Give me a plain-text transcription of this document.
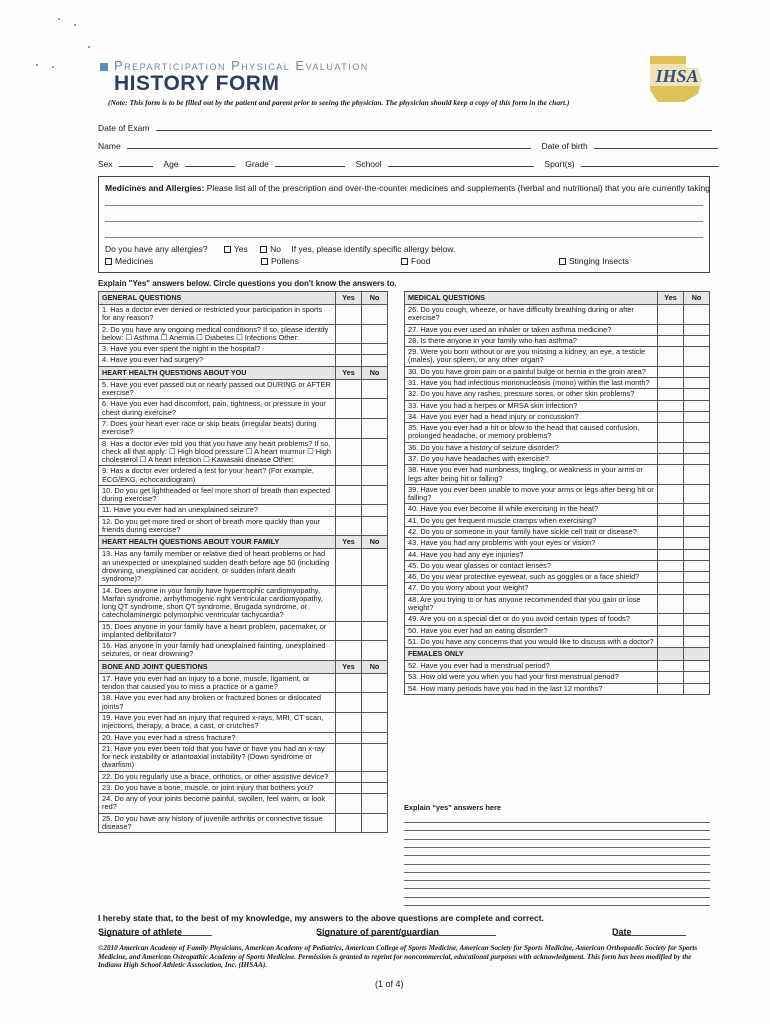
Preparticipation Physical Evaluation
HISTORY FORM
(Note: This form is to be filled out by the patient and parent prior to seeing the physician. The physician should keep a copy of this form in the chart.)
IHSA
Date of Exam
Name	Date of birth
Sex	Age	Grade	School	Sport(s)
Medicines and Allergies: Please list all of the prescription and over-the-counter medicines and supplements (herbal and nutritional) that you are currently taking
Do you have any allergies?	Yes	No If yes, please identify specific allergy below.
Medicines	Pollens	Food	Stinging Insects
Explain "Yes" answers below. Circle questions you don't know the answers to.
GENERAL QUESTIONS	Yes	No
1. Has a doctor ever denied or restricted your participation in sports for any reason?		
2. Do you have any ongoing medical conditions? If so, please identify below: ☐ Asthma ☐ Anemia ☐ Diabetes ☐ Infections Other:		
3. Have you ever spent the night in the hospital?		
4. Have you ever had surgery?		
HEART HEALTH QUESTIONS ABOUT YOU	Yes	No
5. Have you ever passed out or nearly passed out DURING or AFTER exercise?		
6. Have you ever had discomfort, pain, tightness, or pressure in your chest during exercise?		
7. Does your heart ever race or skip beats (irregular beats) during exercise?		
8. Has a doctor ever told you that you have any heart problems? If so, check all that apply: ☐ High blood pressure ☐ A heart murmur ☐ High cholesterol ☐ A heart infection ☐ Kawasaki disease Other:		
9. Has a doctor ever ordered a test for your heart? (For example, ECG/EKG, echocardiogram)		
10. Do you get lightheaded or feel more short of breath than expected during exercise?		
11. Have you ever had an unexplained seizure?		
12. Do you get more tired or short of breath more quickly than your friends during exercise?		
HEART HEALTH QUESTIONS ABOUT YOUR FAMILY	Yes	No
13. Has any family member or relative died of heart problems or had an unexpected or unexplained sudden death before age 50 (including drowning, unexplained car accident, or sudden infant death syndrome)?		
14. Does anyone in your family have hypertrophic cardiomyopathy, Marfan syndrome, arrhythmogenic right ventricular cardiomyopathy, long QT syndrome, short QT syndrome, Brugada syndrome, or catecholaminergic polymorphic ventricular tachycardia?		
15. Does anyone in your family have a heart problem, pacemaker, or implanted defibrillator?		
16. Has anyone in your family had unexplained fainting, unexplained seizures, or near drowning?		
BONE AND JOINT QUESTIONS	Yes	No
17. Have you ever had an injury to a bone, muscle, ligament, or tendon that caused you to miss a practice or a game?		
18. Have you ever had any broken or fractured bones or dislocated joints?		
19. Have you ever had an injury that required x-rays, MRI, CT scan, injections, therapy, a brace, a cast, or crutches?		
20. Have you ever had a stress fracture?		
21. Have you ever been told that you have or have you had an x-ray for neck instability or atlantoaxial instability? (Down syndrome or dwarfism)		
22. Do you regularly use a brace, orthotics, or other assistive device?		
23. Do you have a bone, muscle, or joint injury that bothers you?		
24. Do any of your joints become painful, swollen, feel warm, or look red?		
25. Do you have any history of juvenile arthritis or connective tissue disease?		
MEDICAL QUESTIONS	Yes	No
26. Do you cough, wheeze, or have difficulty breathing during or after exercise?		
27. Have you ever used an inhaler or taken asthma medicine?		
28. Is there anyone in your family who has asthma?		
29. Were you born without or are you missing a kidney, an eye, a testicle (males), your spleen, or any other organ?		
30. Do you have groin pain or a painful bulge or hernia in the groin area?		
31. Have you had infectious mononucleosis (mono) within the last month?		
32. Do you have any rashes, pressure sores, or other skin problems?		
33. Have you had a herpes or MRSA skin infection?		
34. Have you ever had a head injury or concussion?		
35. Have you ever had a hit or blow to the head that caused confusion, prolonged headache, or memory problems?		
36. Do you have a history of seizure disorder?		
37. Do you have headaches with exercise?		
38. Have you ever had numbness, tingling, or weakness in your arms or legs after being hit or falling?		
39. Have you ever been unable to move your arms or legs after being hit or falling?		
40. Have you ever become ill while exercising in the heat?		
41. Do you get frequent muscle cramps when exercising?		
42. Do you or someone in your family have sickle cell trait or disease?		
43. Have you had any problems with your eyes or vision?		
44. Have you had any eye injuries?		
45. Do you wear glasses or contact lenses?		
46. Do you wear protective eyewear, such as goggles or a face shield?		
47. Do you worry about your weight?		
48. Are you trying to or has anyone recommended that you gain or lose weight?		
49. Are you on a special diet or do you avoid certain types of foods?		
50. Have you ever had an eating disorder?		
51. Do you have any concerns that you would like to discuss with a doctor?		
FEMALES ONLY		
52. Have you ever had a menstrual period?		
53. How old were you when you had your first menstrual period?		
54. How many periods have you had in the last 12 months?		
Explain "yes" answers here
I hereby state that, to the best of my knowledge, my answers to the above questions are complete and correct.
Signature of athlete	Signature of parent/guardian	Date
©2010 American Academy of Family Physicians, American Academy of Pediatrics, American College of Sports Medicine, American Society for Sports Medicine, American Orthopaedic Society for Sports Medicine, and American Osteopathic Academy of Sports Medicine. Permission is granted to reprint for noncommercial, educational purposes with acknowledgment. This form has been modified by the Indiana High School Athletic Association, Inc. (IHSAA).
(1 of 4)
